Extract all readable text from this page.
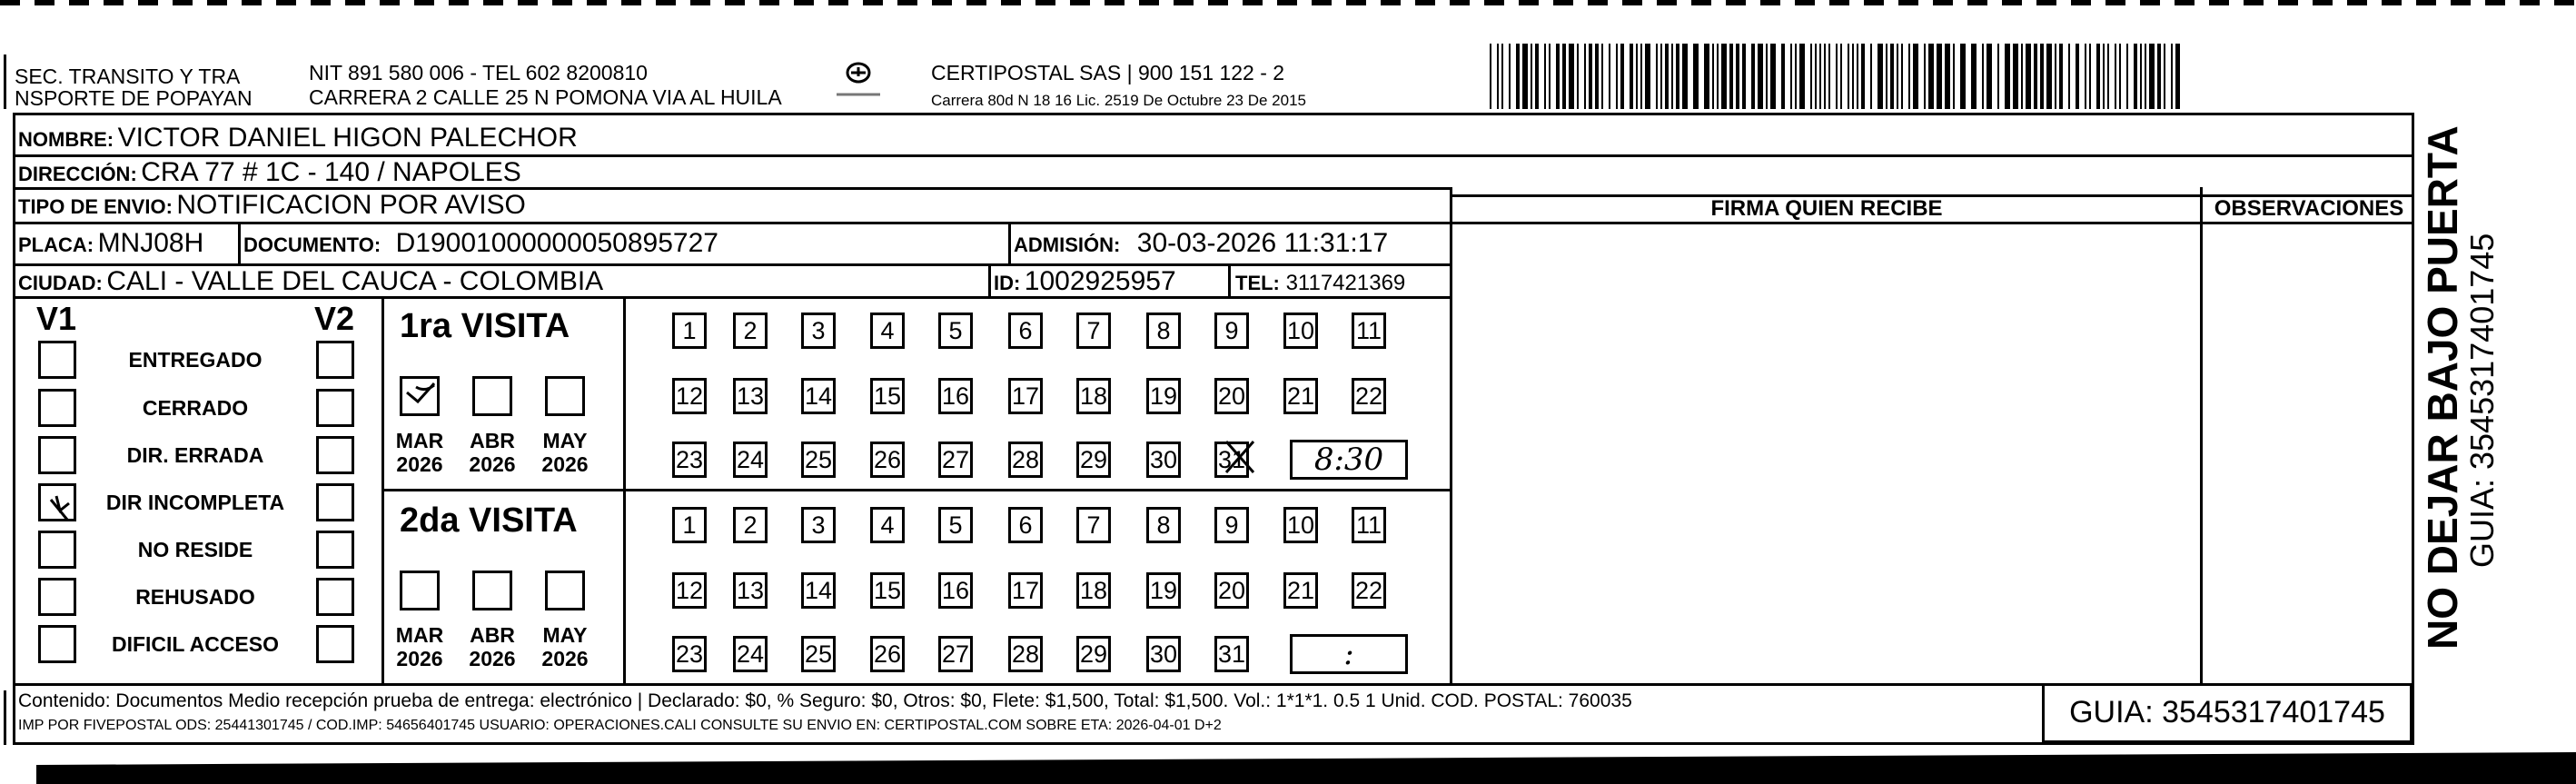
SEC. TRANSITO Y TRA
NSPORTE DE POPAYAN
NIT 891 580 006 - TEL 602 8200810
CARRERA 2 CALLE 25 N POMONA VIA AL HUILA
CERTIPOSTAL SAS | 900 151 122 - 2
Carrera 80d N 18 16 Lic. 2519 De Octubre 23 De 2015
FIRMA QUIEN RECIBE	OBSERVACIONES
NOMBRE: VICTOR DANIEL HIGON PALECHOR
DIRECCIÓN: CRA 77 # 1C - 140 / NAPOLES
TIPO DE ENVIO: NOTIFICACION POR AVISO
PLACA: MNJ08H DOCUMENTO: D19001000000050895727	ADMISIÓN: 30-03-2026 11:31:17
CIUDAD: CALI - VALLE DEL CAUCA - COLOMBIA	ID: 1002925957	TEL: 3117421369
V1	V2
ENTREGADO
CERRADO
DIR. ERRADA
DIR INCOMPLETA
NO RESIDE
REHUSADO
DIFICIL ACCESO
1ra VISITA
2da VISITA
1	2	3	4	5	6	7	8	9	10 11
12 13 14 15 16 17 18 19 20 21 22
23 24 25 26 27 28 29 30 31	8:30
MAR
2026
ABR
2026
MAY
2026
1	2	3	4	5	6	7	8	9	10 11
12 13 14 15 16 17 18 19 20 21 22
23 24 25 26 27 28 29 30 31	:
MAR
2026
ABR
2026
MAY
2026
Contenido: Documentos Medio recepción prueba de entrega: electrónico | Declarado: $0, % Seguro: $0, Otros: $0, Flete: $1,500, Total: $1,500. Vol.: 1*1*1. 0.5 1 Unid. COD. POSTAL: 760035
IMP POR FIVEPOSTAL ODS: 25441301745 / COD.IMP: 54656401745 USUARIO: OPERACIONES.CALI CONSULTE SU ENVIO EN: CERTIPOSTAL.COM SOBRE ETA: 2026-04-01 D+2	GUIA: 3545317401745
NO DEJAR BAJO PUERTA
GUIA: 3545317401745
